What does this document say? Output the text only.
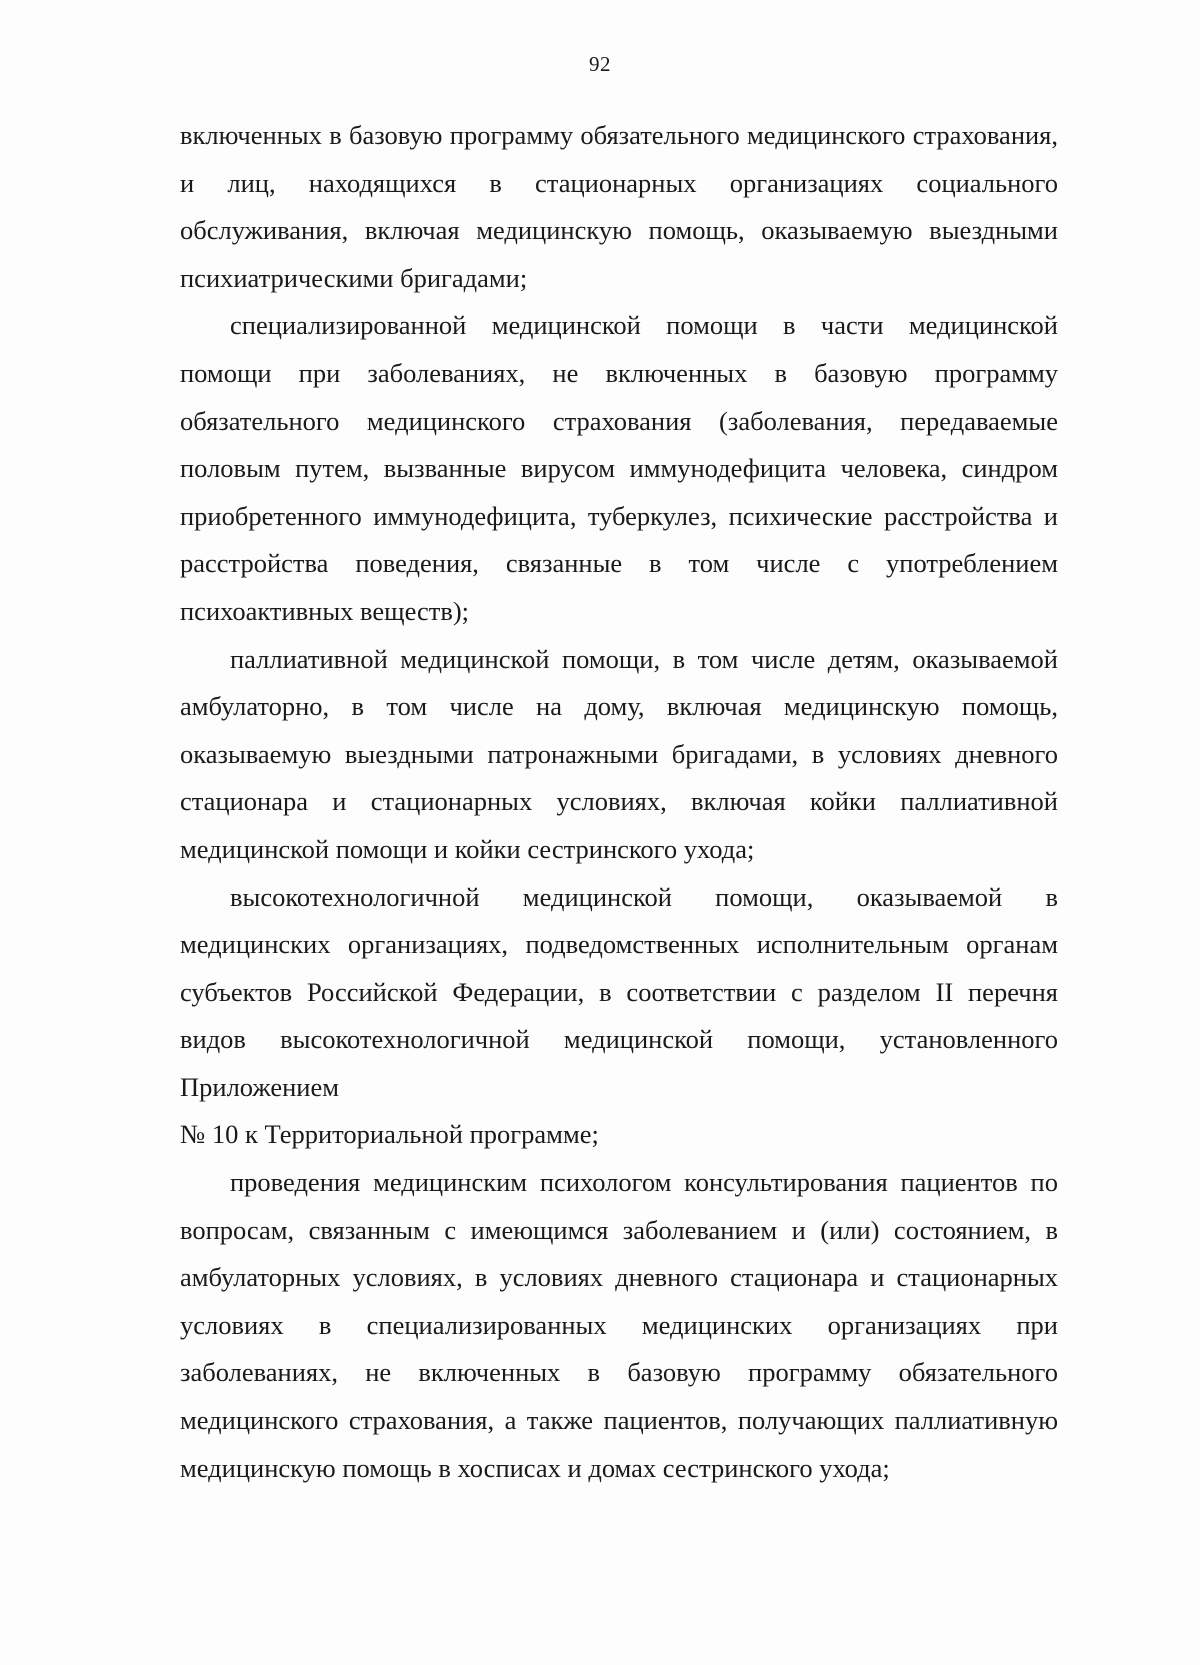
92

включенных в базовую программу обязательного медицинского страхования, и лиц, находящихся в стационарных организациях социального обслуживания, включая медицинскую помощь, оказываемую выездными психиатрическими бригадами;

специализированной медицинской помощи в части медицинской помощи при заболеваниях, не включенных в базовую программу обязательного медицинского страхования (заболевания, передаваемые половым путем, вызванные вирусом иммунодефицита человека, синдром приобретенного иммунодефицита, туберкулез, психические расстройства и расстройства поведения, связанные в том числе с употреблением психоактивных веществ);

паллиативной медицинской помощи, в том числе детям, оказываемой амбулаторно, в том числе на дому, включая медицинскую помощь, оказываемую выездными патронажными бригадами, в условиях дневного стационара и стационарных условиях, включая койки паллиативной медицинской помощи и койки сестринского ухода;

высокотехнологичной медицинской помощи, оказываемой в медицинских организациях, подведомственных исполнительным органам субъектов Российской Федерации, в соответствии с разделом II перечня видов высокотехнологичной медицинской помощи, установленного Приложением

№ 10 к Территориальной программе;

проведения медицинским психологом консультирования пациентов по вопросам, связанным с имеющимся заболеванием и (или) состоянием, в амбулаторных условиях, в условиях дневного стационара и стационарных условиях в специализированных медицинских организациях при заболеваниях, не включенных в базовую программу обязательного медицинского страхования, а также пациентов, получающих паллиативную медицинскую помощь в хосписах и домах сестринского ухода;
